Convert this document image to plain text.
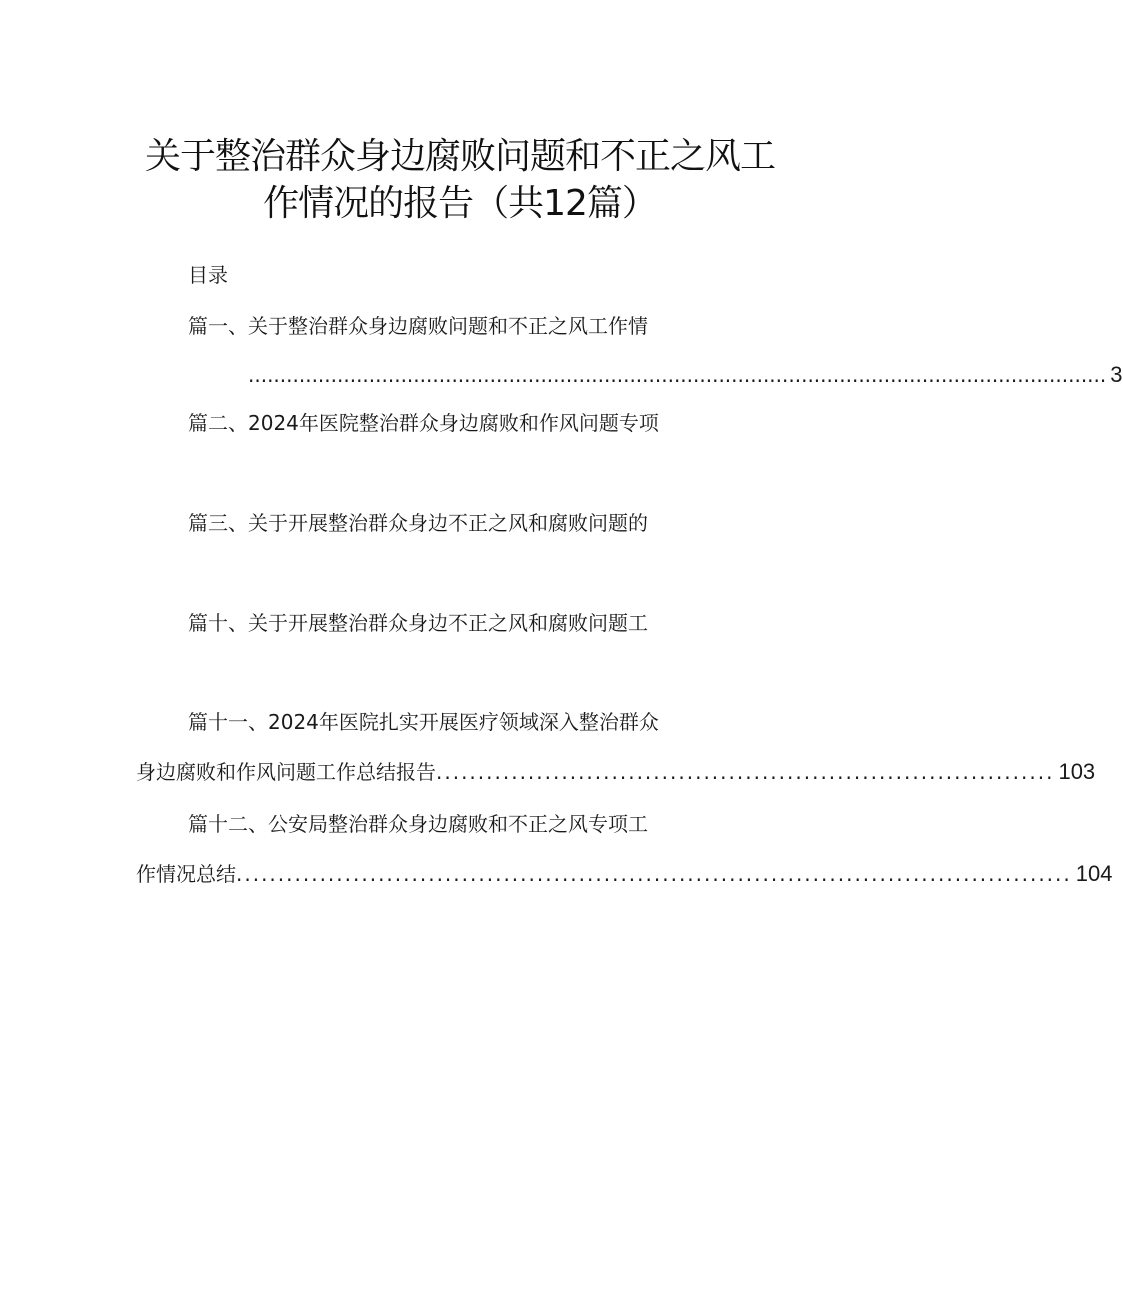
关于整治群众身边腐败问题和不正之风工
作情况的报告（共12篇）
目录
篇一、关于整治群众身边腐败问题和不正之风工作情
....................................................................................................................................... 3
篇二、2024年医院整治群众身边腐败和作风问题专项
篇三、关于开展整治群众身边不正之风和腐败问题的
篇十、关于开展整治群众身边不正之风和腐败问题工
篇十一、2024年医院扎实开展医疗领域深入整治群众
身边腐败和作风问题工作总结报告 .......................................................................... 103
篇十二、公安局整治群众身边腐败和不正之风专项工
作情况总结 .................................................................................................... 104
